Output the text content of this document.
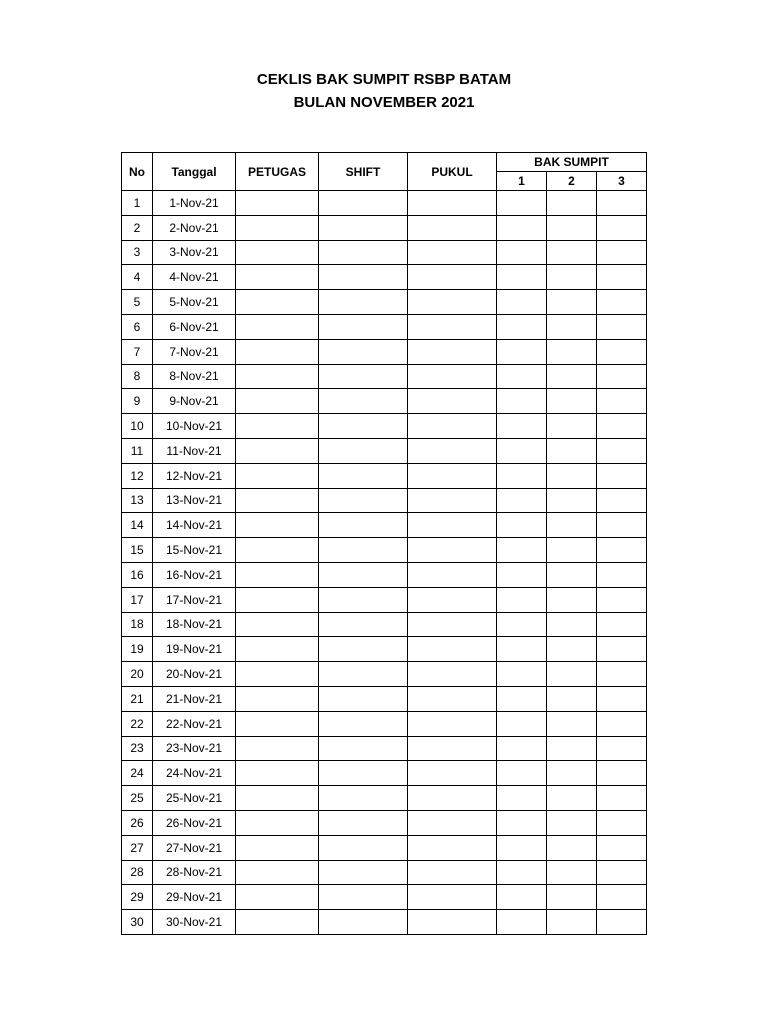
CEKLIS BAK SUMPIT RSBP BATAM
BULAN NOVEMBER 2021
No	Tanggal	PETUGAS	SHIFT	PUKUL	BAK SUMPIT		
					1	2	3
1	1-Nov-21						
2	2-Nov-21						
3	3-Nov-21						
4	4-Nov-21						
5	5-Nov-21						
6	6-Nov-21						
7	7-Nov-21						
8	8-Nov-21						
9	9-Nov-21						
10	10-Nov-21						
11	11-Nov-21						
12	12-Nov-21						
13	13-Nov-21						
14	14-Nov-21						
15	15-Nov-21						
16	16-Nov-21						
17	17-Nov-21						
18	18-Nov-21						
19	19-Nov-21						
20	20-Nov-21						
21	21-Nov-21						
22	22-Nov-21						
23	23-Nov-21						
24	24-Nov-21						
25	25-Nov-21						
26	26-Nov-21						
27	27-Nov-21						
28	28-Nov-21						
29	29-Nov-21						
30	30-Nov-21						
